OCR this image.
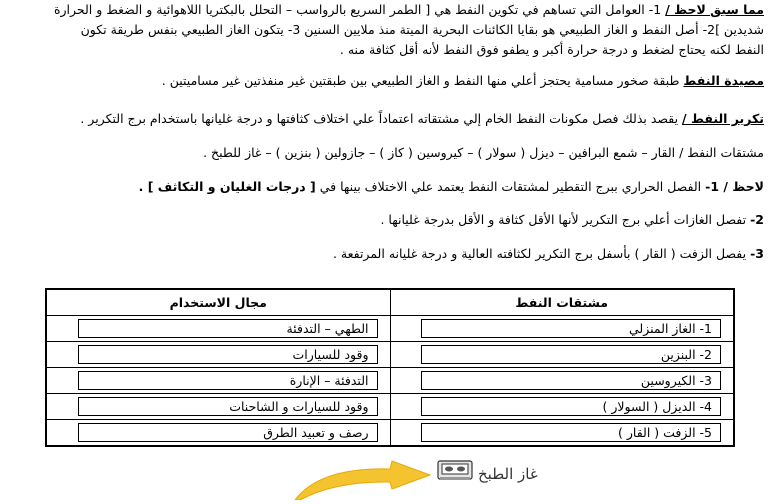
مما سبق لاحظ / 1- العوامل التي تساهم في تكوين النفط هي [ الطمر السريع بالرواسب – التحلل بالبكتريا اللاهوائية و الضغط و الحرارة
شديدين ]2- أصل النفط و الغاز الطبيعي هو بقايا الكائنات البحرية الميتة منذ ملايين السنين 3- يتكون الغاز الطبيعي بنفس طريقة تكون
النفط لكنه يحتاج لضغط و درجة حرارة أكبر و يطفو فوق النفط لأنه أقل كثافة منه .
مصيدة النفط طبقة صخور مسامية يحتجز أعلي منها النفط و الغاز الطبيعي بين طبقتين غير منفذتين غير مساميتين .
تكرير النفط / يقصد بذلك فصل مكونات النفط الخام إلي مشتقاته اعتماداً علي اختلاف كثافتها و درجة غليانها باستخدام برج التكرير .
مشتقات النفط / القار – شمع البرافين – ديزل ( سولار ) – كيروسين ( كاز ) – جازولين ( بنزين ) – غاز للطبخ .
لاحظ / 1- الفصل الحراري ببرج التقطير لمشتقات النفط يعتمد علي الاختلاف بينها في [ درجات الغليان و التكاثف ] .
2- تفصل الغازات أعلي برج التكرير لأنها الأقل كثافة و الأقل بدرجة غليانها .
3- يفصل الزفت ( القار ) بأسفل برج التكرير لكثافته العالية و درجة غليانه المرتفعة .
مشتقات النفط	مجال الاستخدام

1- الغاز المنزلي	الطهي – التدفئة

2- البنزين	وقود للسيارات

3- الكيروسين	التدفئة – الإنارة

4- الديزل ( السولار )	وقود للسيارات و الشاحنات

5- الزفت ( القار )	رصف و تعبيد الطرق
غاز الطبخ
